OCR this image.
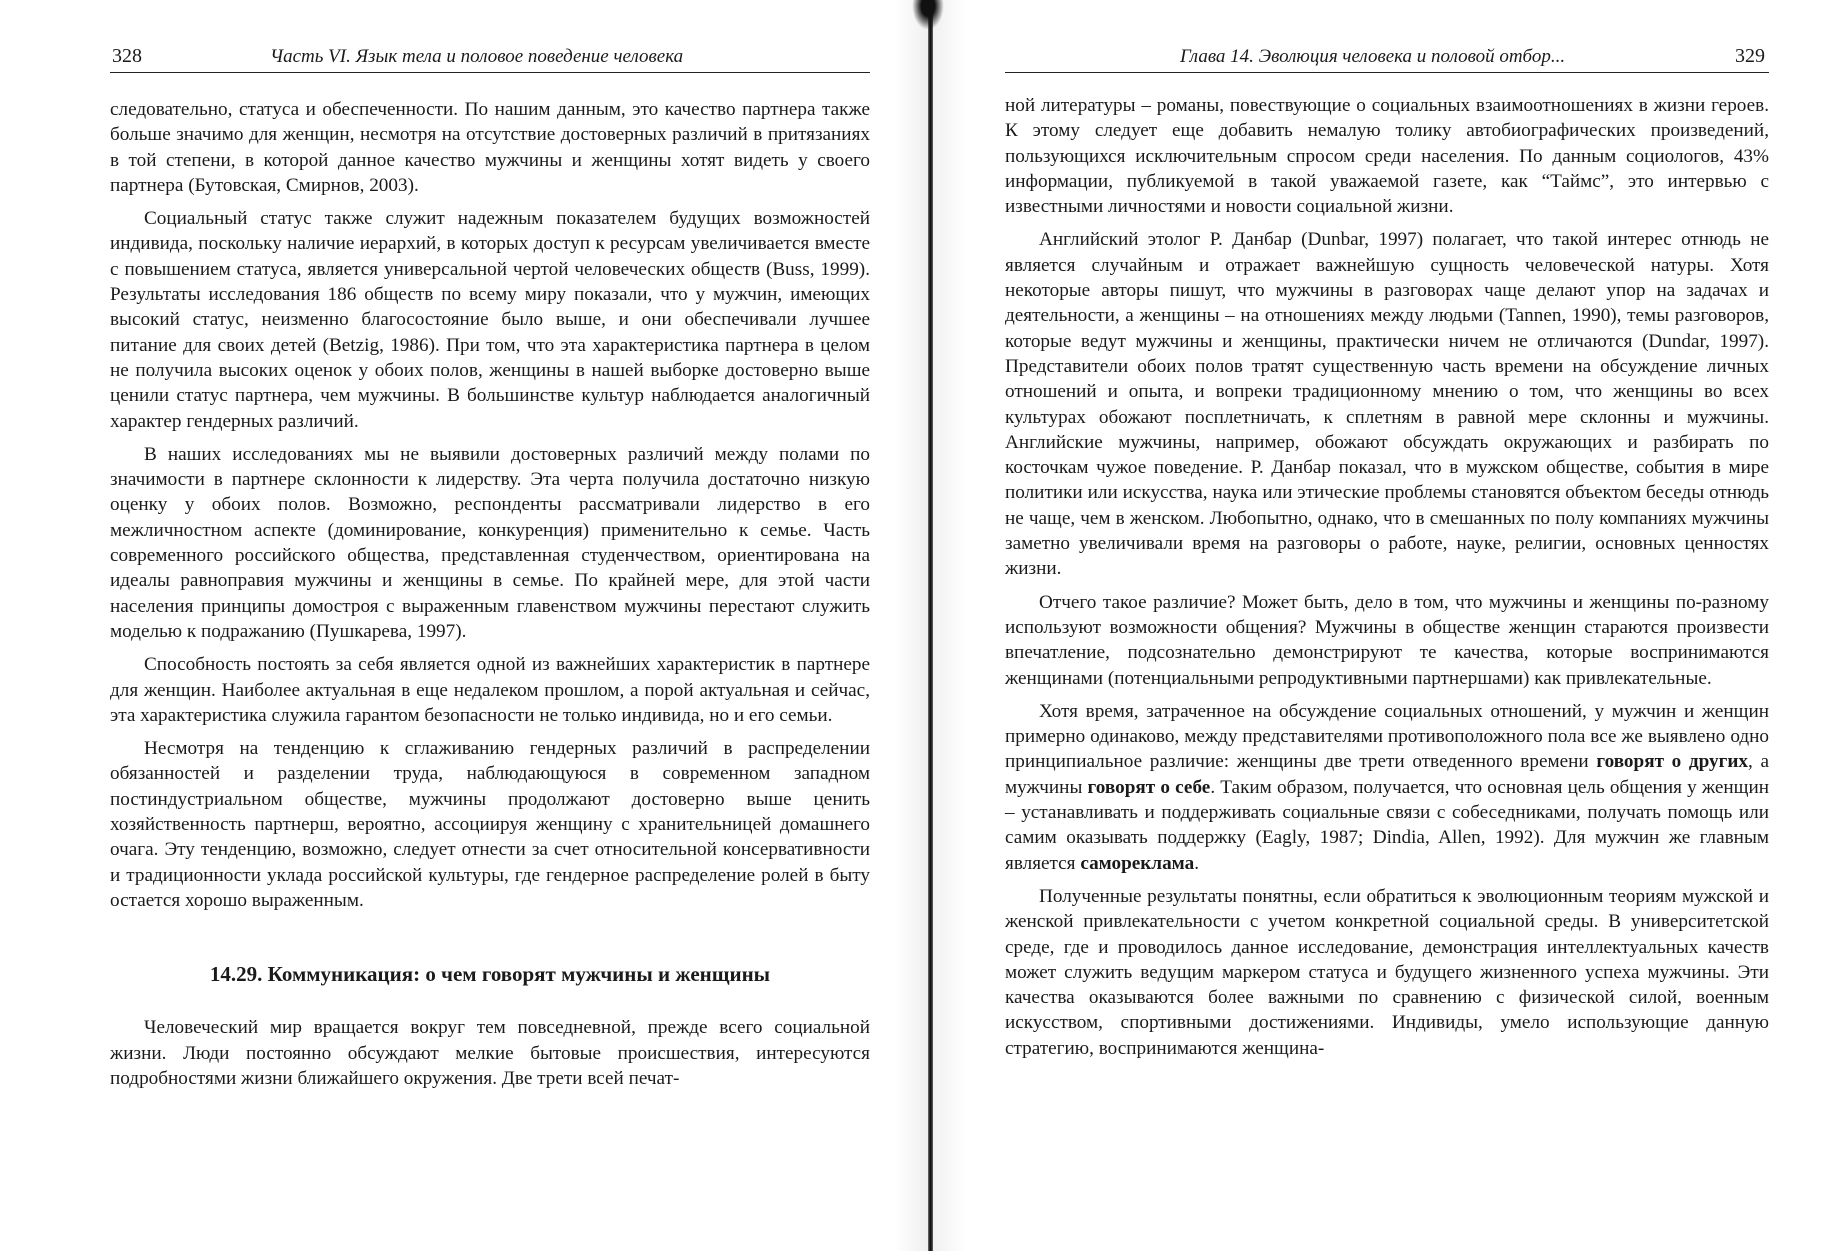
328	Часть VI. Язык тела и половое поведение человека

следовательно, статуса и обеспеченности. По нашим данным, это качество партнера также больше значимо для женщин, несмотря на отсутствие достоверных различий в притязаниях в той степени, в которой данное качество мужчины и женщины хотят видеть у своего партнера (Бутовская, Смирнов, 2003).

Социальный статус также служит надежным показателем будущих возможностей индивида, поскольку наличие иерархий, в которых доступ к ресурсам увеличивается вместе с повышением статуса, является универсальной чертой человеческих обществ (Buss, 1999). Результаты исследования 186 обществ по всему миру показали, что у мужчин, имеющих высокий статус, неизменно благосостояние было выше, и они обеспечивали лучшее питание для своих детей (Betzig, 1986). При том, что эта характеристика партнера в целом не получила высоких оценок у обоих полов, женщины в нашей выборке достоверно выше ценили статус партнера, чем мужчины. В большинстве культур наблюдается аналогичный характер гендерных различий.

В наших исследованиях мы не выявили достоверных различий между полами по значимости в партнере склонности к лидерству. Эта черта получила достаточно низкую оценку у обоих полов. Возможно, респонденты рассматривали лидерство в его межличностном аспекте (доминирование, конкуренция) применительно к семье. Часть современного российского общества, представленная студенчеством, ориентирована на идеалы равноправия мужчины и женщины в семье. По крайней мере, для этой части населения принципы домостроя с выраженным главенством мужчины перестают служить моделью к подражанию (Пушкарева, 1997).

Способность постоять за себя является одной из важнейших характеристик в партнере для женщин. Наиболее актуальная в еще недалеком прошлом, а порой актуальная и сейчас, эта характеристика служила гарантом безопасности не только индивида, но и его семьи.

Несмотря на тенденцию к сглаживанию гендерных различий в распределении обязанностей и разделении труда, наблюдающуюся в современном западном постиндустриальном обществе, мужчины продолжают достоверно выше ценить хозяйственность партнерш, вероятно, ассоциируя женщину с хранительницей домашнего очага. Эту тенденцию, возможно, следует отнести за счет относительной консервативности и традиционности уклада российской культуры, где гендерное распределение ролей в быту остается хорошо выраженным.

14.29. Коммуникация: о чем говорят мужчины и женщины

Человеческий мир вращается вокруг тем повседневной, прежде всего социальной жизни. Люди постоянно обсуждают мелкие бытовые происшествия, интересуются подробностями жизни ближайшего окружения. Две трети всей печат-

Глава 14. Эволюция человека и половой отбор...	329

ной литературы – романы, повествующие о социальных взаимоотношениях в жизни героев. К этому следует еще добавить немалую толику автобиографических произведений, пользующихся исключительным спросом среди населения. По данным социологов, 43% информации, публикуемой в такой уважаемой газете, как “Таймс”, это интервью с известными личностями и новости социальной жизни.

Английский этолог Р. Данбар (Dunbar, 1997) полагает, что такой интерес отнюдь не является случайным и отражает важнейшую сущность человеческой натуры. Хотя некоторые авторы пишут, что мужчины в разговорах чаще делают упор на задачах и деятельности, а женщины – на отношениях между людьми (Tannen, 1990), темы разговоров, которые ведут мужчины и женщины, практически ничем не отличаются (Dundar, 1997). Представители обоих полов тратят существенную часть времени на обсуждение личных отношений и опыта, и вопреки традиционному мнению о том, что женщины во всех культурах обожают посплетничать, к сплетням в равной мере склонны и мужчины. Английские мужчины, например, обожают обсуждать окружающих и разбирать по косточкам чужое поведение. Р. Данбар показал, что в мужском обществе, события в мире политики или искусства, наука или этические проблемы становятся объектом беседы отнюдь не чаще, чем в женском. Любопытно, однако, что в смешанных по полу компаниях мужчины заметно увеличивали время на разговоры о работе, науке, религии, основных ценностях жизни.

Отчего такое различие? Может быть, дело в том, что мужчины и женщины по-разному используют возможности общения? Мужчины в обществе женщин стараются произвести впечатление, подсознательно демонстрируют те качества, которые воспринимаются женщинами (потенциальными репродуктивными партнершами) как привлекательные.

Хотя время, затраченное на обсуждение социальных отношений, у мужчин и женщин примерно одинаково, между представителями противоположного пола все же выявлено одно принципиальное различие: женщины две трети отведенного времени говорят о других, а мужчины говорят о себе. Таким образом, получается, что основная цель общения у женщин – устанавливать и поддерживать социальные связи с собеседниками, получать помощь или самим оказывать поддержку (Eagly, 1987; Dindia, Allen, 1992). Для мужчин же главным является самореклама.

Полученные результаты понятны, если обратиться к эволюционным теориям мужской и женской привлекательности с учетом конкретной социальной среды. В университетской среде, где и проводилось данное исследование, демонстрация интеллектуальных качеств может служить ведущим маркером статуса и будущего жизненного успеха мужчины. Эти качества оказываются более важными по сравнению с физической силой, военным искусством, спортивными достижениями. Индивиды, умело использующие данную стратегию, воспринимаются женщина-
